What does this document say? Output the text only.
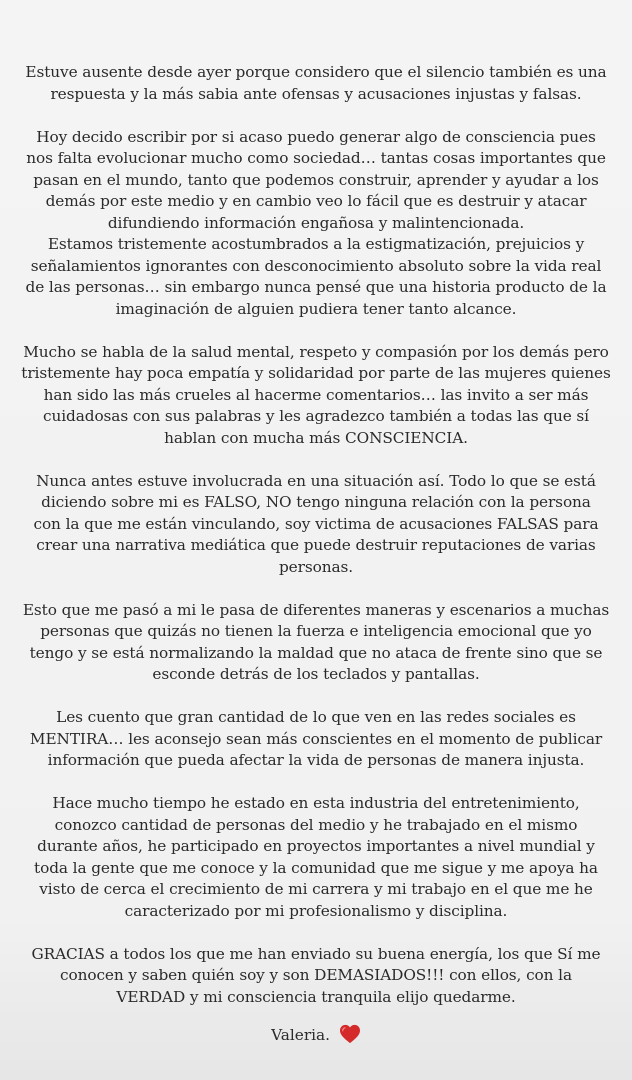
Estuve ausente desde ayer porque considero que el silencio también es una
respuesta y la más sabia ante ofensas y acusaciones injustas y falsas.
Hoy decido escribir por si acaso puedo generar algo de consciencia pues
nos falta evolucionar mucho como sociedad… tantas cosas importantes que
pasan en el mundo, tanto que podemos construir, aprender y ayudar a los
demás por este medio y en cambio veo lo fácil que es destruir y atacar
difundiendo información engañosa y malintencionada.
Estamos tristemente acostumbrados a la estigmatización, prejuicios y
señalamientos ignorantes con desconocimiento absoluto sobre la vida real
de las personas… sin embargo nunca pensé que una historia producto de la
imaginación de alguien pudiera tener tanto alcance.
Mucho se habla de la salud mental, respeto y compasión por los demás pero
tristemente hay poca empatía y solidaridad por parte de las mujeres quienes
han sido las más crueles al hacerme comentarios… las invito a ser más
cuidadosas con sus palabras y les agradezco también a todas las que sí
hablan con mucha más CONSCIENCIA.
Nunca antes estuve involucrada en una situación así. Todo lo que se está
diciendo sobre mi es FALSO, NO tengo ninguna relación con la persona
con la que me están vinculando, soy victima de acusaciones FALSAS para
crear una narrativa mediática que puede destruir reputaciones de varias
personas.
Esto que me pasó a mi le pasa de diferentes maneras y escenarios a muchas
personas que quizás no tienen la fuerza e inteligencia emocional que yo
tengo y se está normalizando la maldad que no ataca de frente sino que se
esconde detrás de los teclados y pantallas.
Les cuento que gran cantidad de lo que ven en las redes sociales es
MENTIRA… les aconsejo sean más conscientes en el momento de publicar
información que pueda afectar la vida de personas de manera injusta.
Hace mucho tiempo he estado en esta industria del entretenimiento,
conozco cantidad de personas del medio y he trabajado en el mismo
durante años, he participado en proyectos importantes a nivel mundial y
toda la gente que me conoce y la comunidad que me sigue y me apoya ha
visto de cerca el crecimiento de mi carrera y mi trabajo en el que me he
caracterizado por mi profesionalismo y disciplina.
GRACIAS a todos los que me han enviado su buena energía, los que Sí me
conocen y saben quién soy y son DEMASIADOS!!! con ellos, con la
VERDAD y mi consciencia tranquila elijo quedarme.
Valeria.
